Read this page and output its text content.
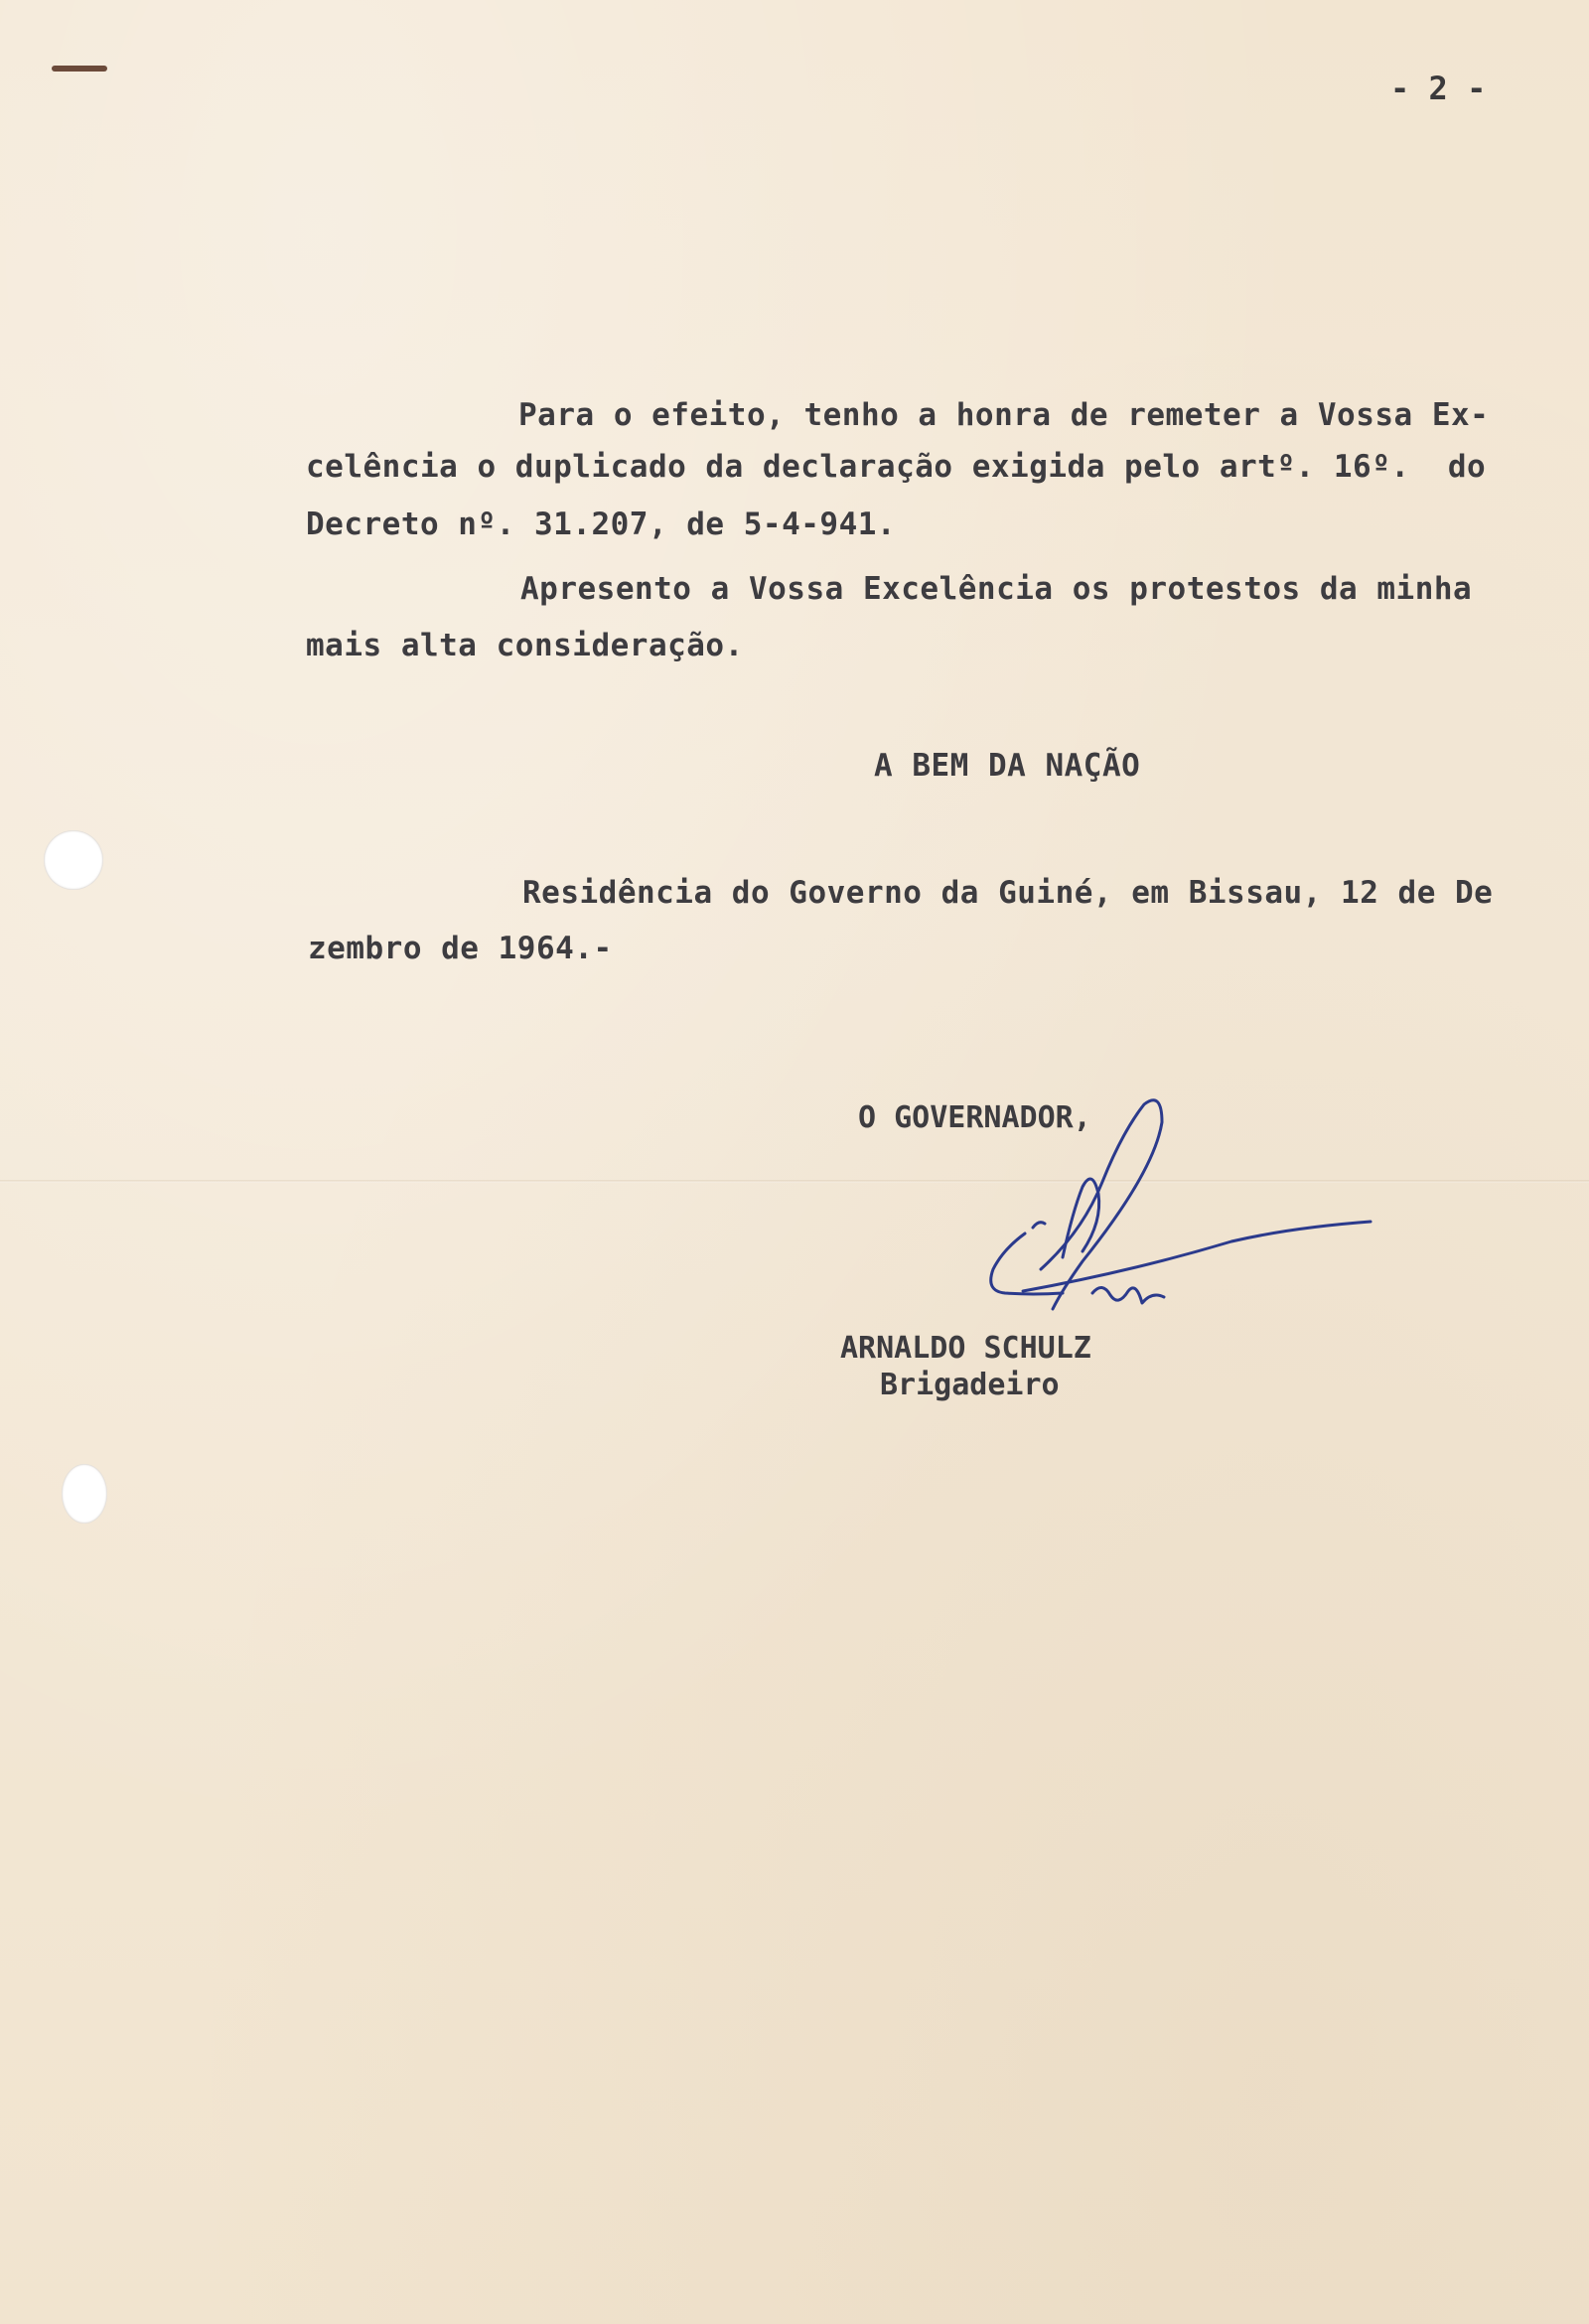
- 2 -
Para o efeito, tenho a honra de remeter a Vossa Ex-
celência o duplicado da declaração exigida pelo artº. 16º.  do
Decreto nº. 31.207, de 5-4-941.
Apresento a Vossa Excelência os protestos da minha
mais alta consideração.
A BEM DA NAÇÃO
Residência do Governo da Guiné, em Bissau, 12 de De
zembro de 1964.-
O GOVERNADOR,
ARNALDO SCHULZ
Brigadeiro
